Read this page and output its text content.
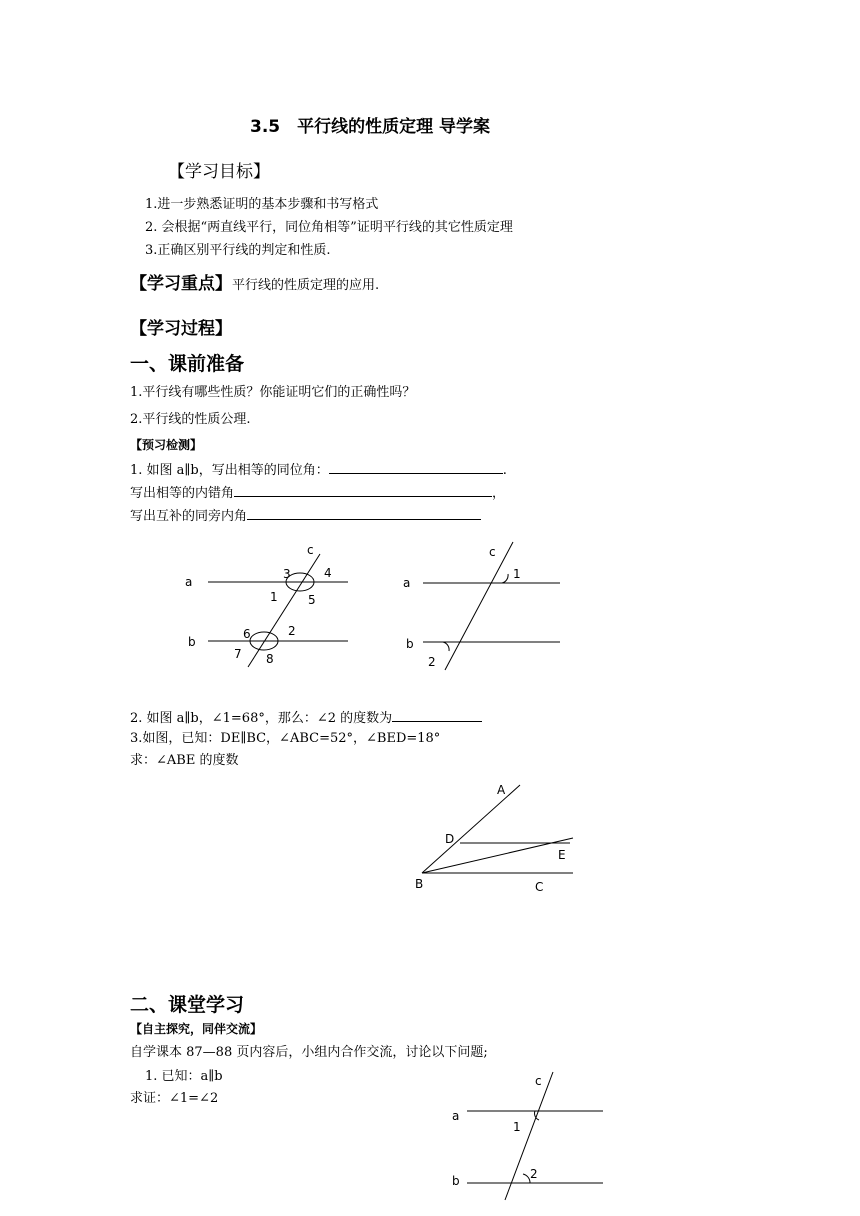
3.5　平行线的性质定理 导学案
【学习目标】
1.进一步熟悉证明的基本步骤和书写格式
2. 会根据“两直线平行，同位角相等”证明平行线的其它性质定理
3.正确区别平行线的判定和性质.
【学习重点】平行线的性质定理的应用.
【学习过程】
一、课前准备
1.平行线有哪些性质？你能证明它们的正确性吗？
2.平行线的性质公理.
【预习检测】
1. 如图 a∥b，写出相等的同位角：	.
写出相等的内错角	，
写出互补的同旁内角
a
b
c
3	4
1	5
6	2
7 8
a
b
c
1
2
2. 如图 a∥b，∠1=68°，那么：∠2 的度数为
3.如图，已知：DE∥BC，∠ABC=52°，∠BED=18°
求：∠ABE 的度数
A
D
E
B	C
二、课堂学习
【自主探究，同伴交流】
自学课本 87—88 页内容后，小组内合作交流，讨论以下问题;
1. 已知：a∥b
求证：∠1=∠2
a
b
c
1
2
